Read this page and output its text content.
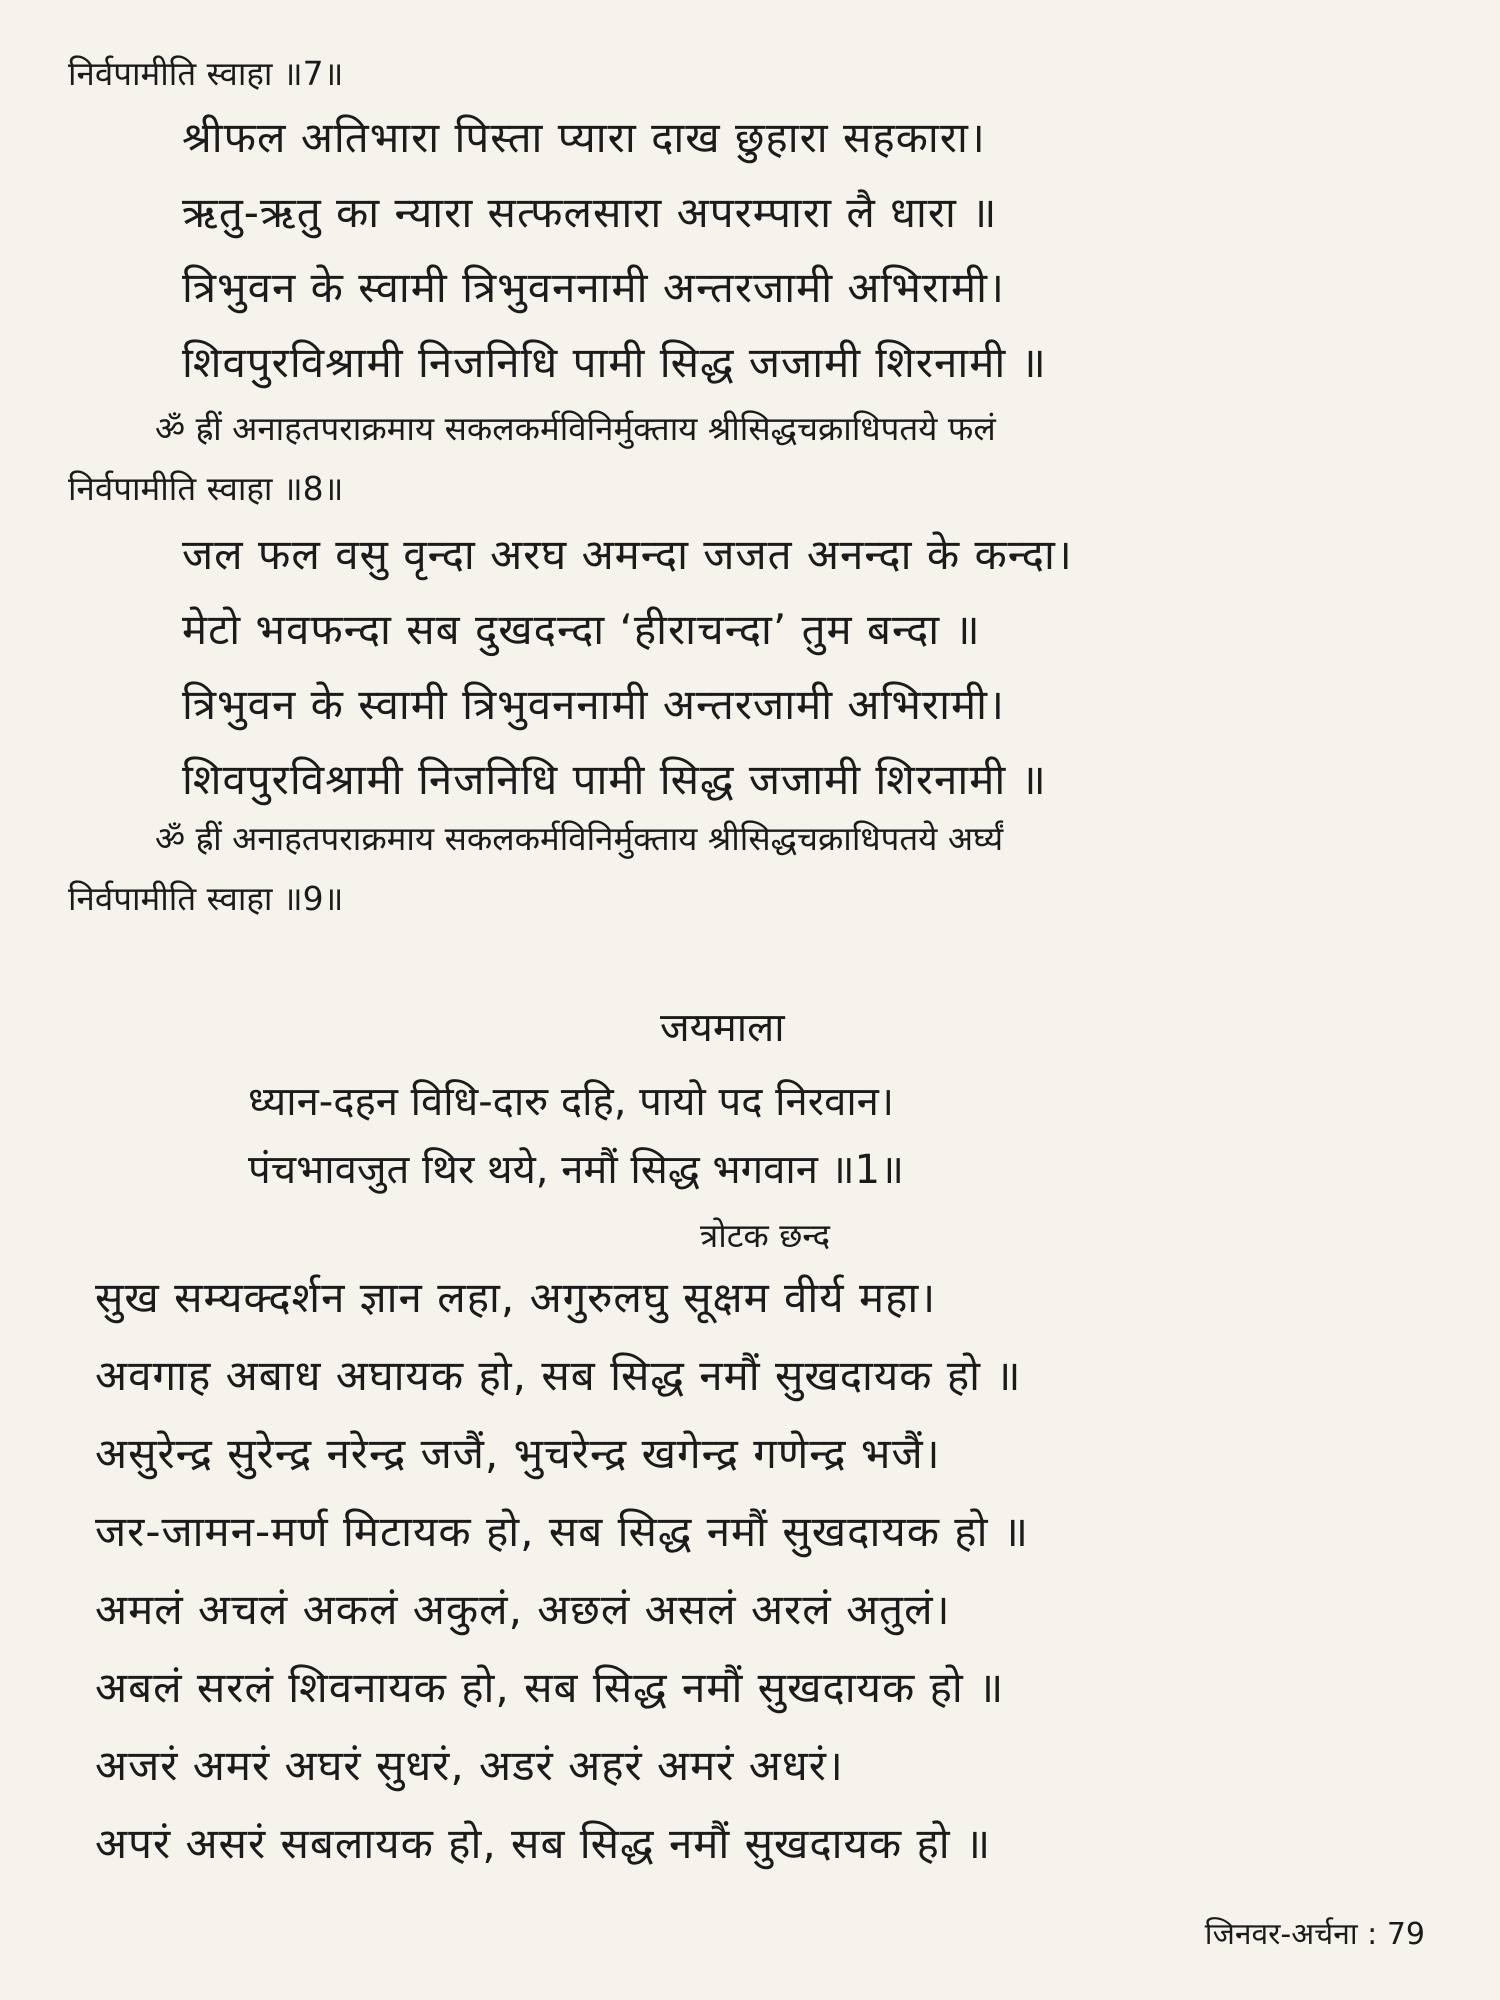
निर्वपामीति स्वाहा ॥7॥
श्रीफल अतिभारा पिस्ता प्यारा दाख छुहारा सहकारा।
ऋतु-ऋतु का न्यारा सत्फलसारा अपरम्पारा लै धारा ॥
त्रिभुवन के स्वामी त्रिभुवननामी अन्तरजामी अभिरामी।
शिवपुरविश्रामी निजनिधि पामी सिद्ध जजामी शिरनामी ॥
ॐ ह्रीं अनाहतपराक्रमाय सकलकर्मविनिर्मुक्ताय श्रीसिद्धचक्राधिपतये फलं
निर्वपामीति स्वाहा ॥8॥
जल फल वसु वृन्दा अरघ अमन्दा जजत अनन्दा के कन्दा।
मेटो भवफन्दा सब दुखदन्दा ‘हीराचन्दा’ तुम बन्दा ॥
त्रिभुवन के स्वामी त्रिभुवननामी अन्तरजामी अभिरामी।
शिवपुरविश्रामी निजनिधि पामी सिद्ध जजामी शिरनामी ॥
ॐ ह्रीं अनाहतपराक्रमाय सकलकर्मविनिर्मुक्ताय श्रीसिद्धचक्राधिपतये अर्घ्यं
निर्वपामीति स्वाहा ॥9॥
जयमाला
ध्यान-दहन विधि-दारु दहि, पायो पद निरवान।
पंचभावजुत थिर थये, नमौं सिद्ध भगवान ॥1॥
त्रोटक छन्द
सुख सम्यक्दर्शन ज्ञान लहा, अगुरुलघु सूक्षम वीर्य महा।
अवगाह अबाध अघायक हो, सब सिद्ध नमौं सुखदायक हो ॥
असुरेन्द्र सुरेन्द्र नरेन्द्र जजैं, भुचरेन्द्र खगेन्द्र गणेन्द्र भजैं।
जर-जामन-मर्ण मिटायक हो, सब सिद्ध नमौं सुखदायक हो ॥
अमलं अचलं अकलं अकुलं, अछलं असलं अरलं अतुलं।
अबलं सरलं शिवनायक हो, सब सिद्ध नमौं सुखदायक हो ॥
अजरं अमरं अघरं सुधरं, अडरं अहरं अमरं अधरं।
अपरं असरं सबलायक हो, सब सिद्ध नमौं सुखदायक हो ॥
जिनवर-अर्चना : 79
